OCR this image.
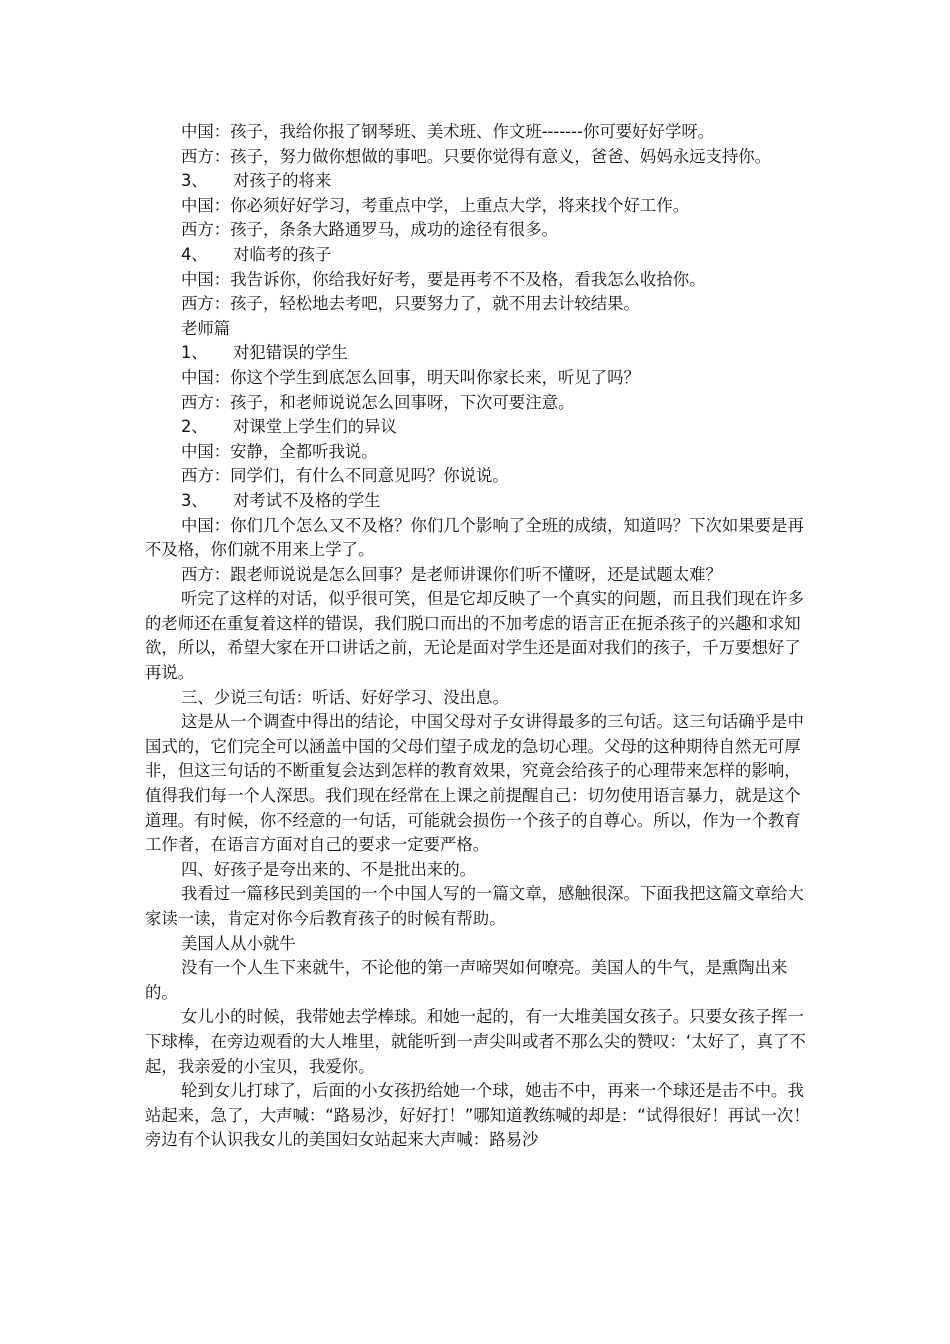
中国：孩子，我给你报了钢琴班、美术班、作文班-------你可要好好学呀。
西方：孩子，努力做你想做的事吧。只要你觉得有意义，爸爸、妈妈永远支持你。
3、	对孩子的将来
中国：你必须好好学习，考重点中学，上重点大学，将来找个好工作。
西方：孩子，条条大路通罗马，成功的途径有很多。
4、	对临考的孩子
中国：我告诉你，你给我好好考，要是再考不不及格，看我怎么收拾你。
西方：孩子，轻松地去考吧，只要努力了，就不用去计较结果。
老师篇
1、	对犯错误的学生
中国：你这个学生到底怎么回事，明天叫你家长来，听见了吗？
西方：孩子，和老师说说怎么回事呀，下次可要注意。
2、	对课堂上学生们的异议
中国：安静，全都听我说。
西方：同学们，有什么不同意见吗？你说说。
3、	对考试不及格的学生
中国：你们几个怎么又不及格？你们几个影响了全班的成绩，知道吗？下次如果要是再不及格，你们就不用来上学了。
西方：跟老师说说是怎么回事？是老师讲课你们听不懂呀，还是试题太难？
听完了这样的对话，似乎很可笑，但是它却反映了一个真实的问题，而且我们现在许多的老师还在重复着这样的错误，我们脱口而出的不加考虑的语言正在扼杀孩子的兴趣和求知欲，所以，希望大家在开口讲话之前，无论是面对学生还是面对我们的孩子，千万要想好了再说。
三、少说三句话：听话、好好学习、没出息。
这是从一个调查中得出的结论，中国父母对子女讲得最多的三句话。这三句话确乎是中国式的，它们完全可以涵盖中国的父母们望子成龙的急切心理。父母的这种期待自然无可厚非，但这三句话的不断重复会达到怎样的教育效果，究竟会给孩子的心理带来怎样的影响，值得我们每一个人深思。我们现在经常在上课之前提醒自己：切勿使用语言暴力，就是这个道理。有时候，你不经意的一句话，可能就会损伤一个孩子的自尊心。所以，作为一个教育工作者，在语言方面对自己的要求一定要严格。
四、好孩子是夸出来的、不是批出来的。
我看过一篇移民到美国的一个中国人写的一篇文章，感触很深。下面我把这篇文章给大家读一读，肯定对你今后教育孩子的时候有帮助。
美国人从小就牛
没有一个人生下来就牛，不论他的第一声啼哭如何嘹亮。美国人的牛气，是熏陶出来的。
女儿小的时候，我带她去学棒球。和她一起的，有一大堆美国女孩子。只要女孩子挥一下球棒，在旁边观看的大人堆里，就能听到一声尖叫或者不那么尖的赞叹：‘太好了，真了不起，我亲爱的小宝贝，我爱你。
轮到女儿打球了，后面的小女孩扔给她一个球，她击不中，再来一个球还是击不中。我站起来，急了，大声喊：“路易沙，好好打！”哪知道教练喊的却是：“试得很好！再试一次！旁边有个认识我女儿的美国妇女站起来大声喊：路易沙
